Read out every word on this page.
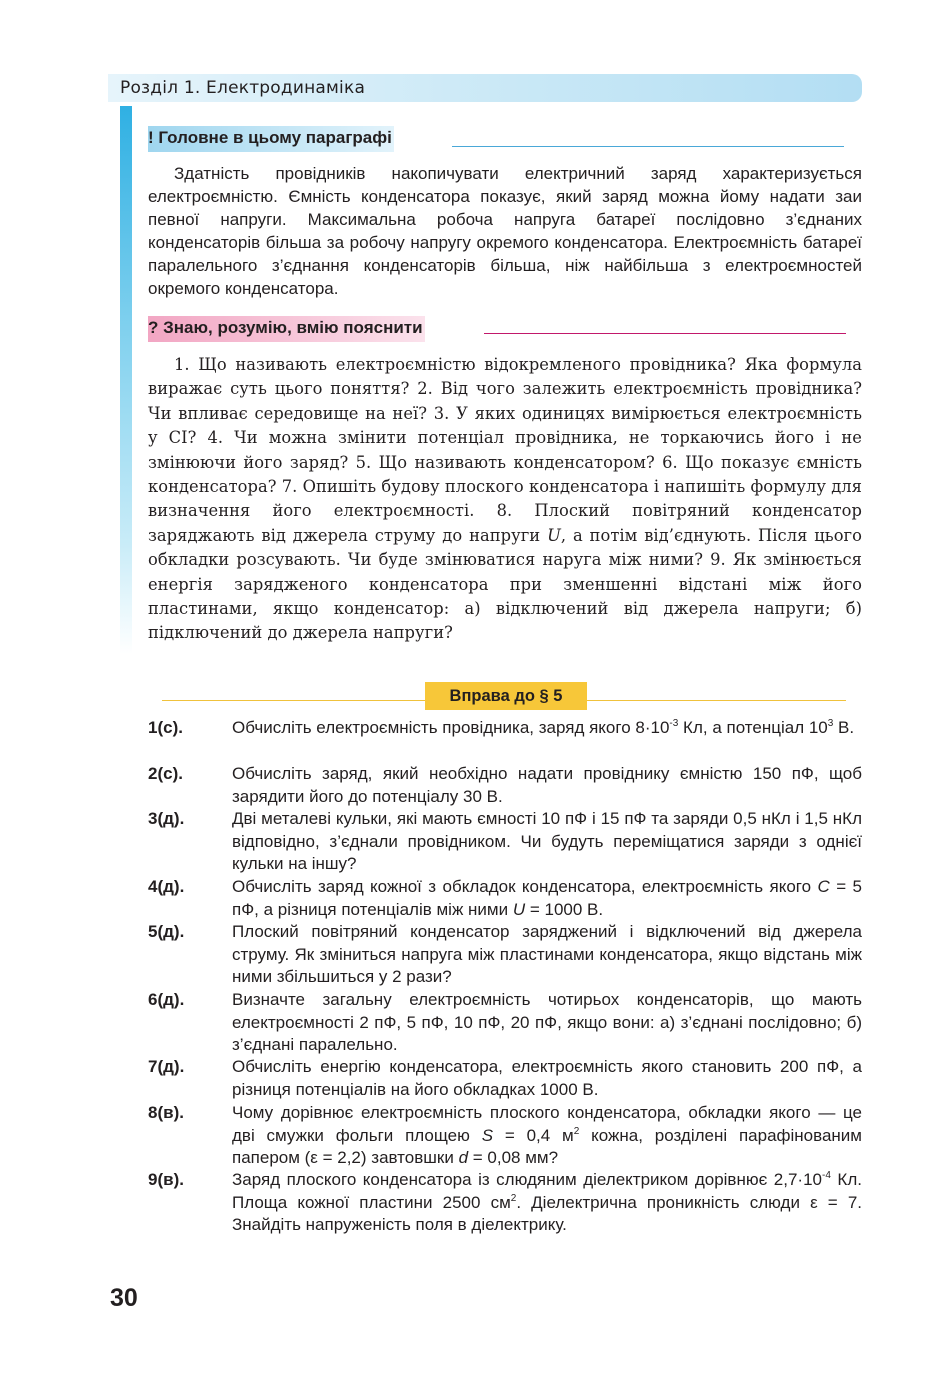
Розділ 1. Електродинаміка
! Головне в цьому параграфі

Здатність провідників накопичувати електричний заряд характеризується електроємністю. Ємність конденсатора показує, який заряд можна йому надати заи певної напруги. Максимальна робоча напруга батареї послідовно з’єднаних конденсаторів більша за робочу напругу окремого конденсатора. Електроємність батареї паралельного з’єднання конденсаторів більша, ніж найбільша з електроємностей окремого конденсатора.

? Знаю, розумію, вмію пояснити

1. Що називають електроємністю відокремленого провідника? Яка формула виражає суть цього поняття? 2. Від чого залежить електроємність провідника? Чи впливає середовище на неї? 3. У яких одиницях вимірюється електроємність у СІ? 4. Чи можна змінити потенціал провідника, не торкаючись його і не змінюючи його заряд? 5. Що називають конденсатором? 6. Що показує ємність конденсатора? 7. Опишіть будову плоского конденсатора і напишіть формулу для визначення його електроємності. 8. Плоский повітряний конденсатор заряджають від джерела струму до напруги U, а потім від’єднують. Після цього обкладки розсувають. Чи буде змінюватися наруга між ними? 9. Як змінюється енергія зарядженого конденсатора при зменшенні відстані між його пластинами, якщо конденсатор: а) відключений від джерела напруги; б) підключений до джерела напруги?

Вправа до § 5
1(с).	Обчисліть електроємність провідника, заряд якого $8\cdot 10^{-3}$ Кл, а потенціал $10^3$ В.
2(с).	Обчисліть заряд, який необхідно надати провіднику ємністю 150 пФ, щоб зарядити його до потенціалу 30 В.
3(д).	Дві металеві кульки, які мають ємності 10 пФ і 15 пФ та заряди 0,5 нКл і 1,5 нКл відповідно, з’єднали провідником. Чи будуть переміщатися заряди з однієї кульки на іншу?
4(д).	Обчисліть заряд кожної з обкладок конденсатора, електроємність якого C = 5 пФ, а різниця потенціалів між ними U = 1000 В.
5(д).	Плоский повітряний конденсатор заряджений і відключений від джерела струму. Як зміниться напруга між пластинами конденсатора, якщо відстань між ними збільшиться у 2 рази?
6(д).	Визначте загальну електроємність чотирьох конденсаторів, що мають електроємності 2 пФ, 5 пФ, 10 пФ, 20 пФ, якщо вони: а) з’єднані послідовно; б) з’єднані паралельно.
7(д).	Обчисліть енергію конденсатора, електроємність якого становить 200 пФ, а різниця потенціалів на його обкладках 1000 В.
8(в).	Чому дорівнює електроємність плоского конденсатора, обкладки якого — це дві смужки фольги площею S = 0,4 $м^2$ кожна, розділені парафінованим папером (ε = 2,2) завтовшки d = 0,08 мм?
9(в).	Заряд плоского конденсатора із слюдяним діелектриком дорівнює $2,7\cdot 10^{-4}$ Кл. Площа кожної пластини 2500 $см^2$. Діелектрична проникність слюди ε = 7. Знайдіть напруженість поля в діелектрику.
30
